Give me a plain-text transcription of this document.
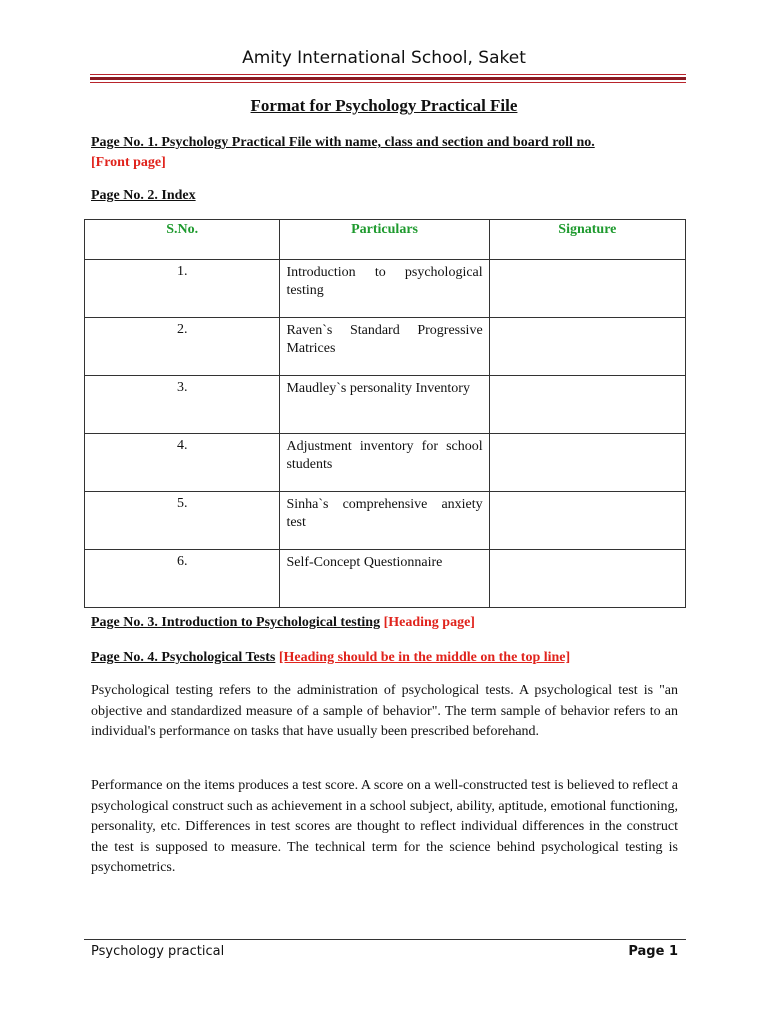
Amity International School, Saket
Format for Psychology Practical File
Page No. 1. Psychology Practical File with name, class and section and board roll no.
[Front page]
Page No. 2. Index
S.No.	Particulars	Signature
1.	Introduction to psychological testing	
2.	Raven`s Standard Progressive Matrices	
3.	Maudley`s personality Inventory	
4.	Adjustment inventory for school students	
5.	Sinha`s comprehensive anxiety test	
6.	Self-Concept Questionnaire	
Page No. 3. Introduction to Psychological testing [Heading page]
Page No. 4. Psychological Tests [Heading should be in the middle on the top line]
Psychological testing refers to the administration of psychological tests. A psychological test is "an objective and standardized measure of a sample of behavior". The term sample of behavior refers to an individual's performance on tasks that have usually been prescribed beforehand.
Performance on the items produces a test score. A score on a well-constructed test is believed to reflect a psychological construct such as achievement in a school subject, ability, aptitude, emotional functioning, personality, etc. Differences in test scores are thought to reflect individual differences in the construct the test is supposed to measure. The technical term for the science behind psychological testing is psychometrics.
Psychology practical	Page 1
